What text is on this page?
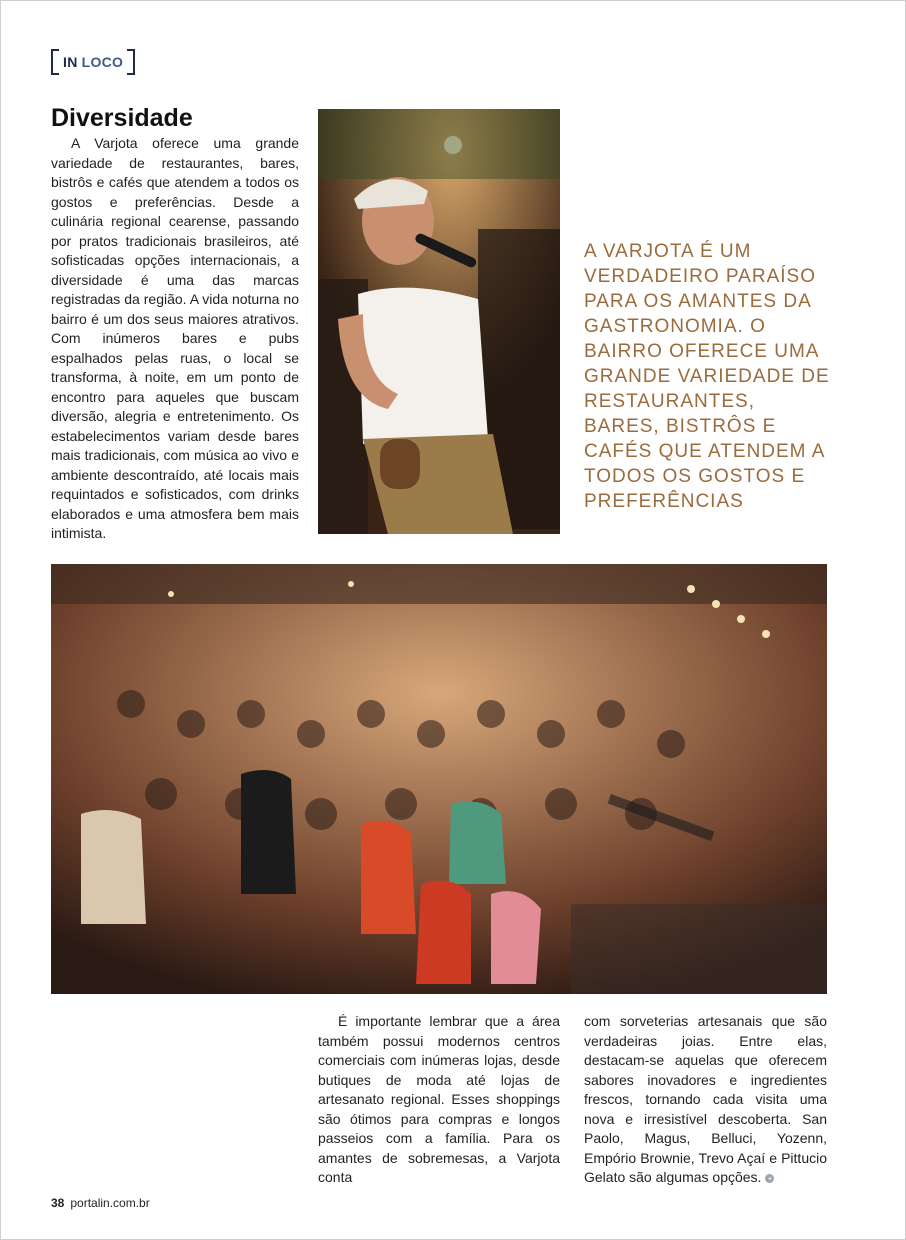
IN LOCO
Diversidade

A Varjota oferece uma grande variedade de restaurantes, bares, bistrôs e cafés que atendem a todos os gostos e preferências. Desde a culinária regional cearense, passando por pratos tradicionais brasileiros, até sofisticadas opções internacionais, a diversidade é uma das marcas registradas da região. A vida noturna no bairro é um dos seus maiores atrativos. Com inúmeros bares e pubs espalhados pelas ruas, o local se transforma, à noite, em um ponto de encontro para aqueles que buscam diversão, alegria e entretenimento. Os estabelecimentos variam desde bares mais tradicionais, com música ao vivo e ambiente descontraído, até locais mais requintados e sofisticados, com drinks elaborados e uma atmosfera bem mais intimista.

A VARJOTA É UM VERDADEIRO PARAÍSO PARA OS AMANTES DA GASTRONOMIA. O BAIRRO OFERECE UMA GRANDE VARIEDADE DE RESTAURANTES, BARES, BISTRÔS E CAFÉS QUE ATENDEM A TODOS OS GOSTOS E PREFERÊNCIAS

É importante lembrar que a área também possui modernos centros comerciais com inúmeras lojas, desde butiques de moda até lojas de artesanato regional. Esses shoppings são ótimos para compras e longos passeios com a família. Para os amantes de sobremesas, a Varjota conta

com sorveterias artesanais que são verdadeiras joias. Entre elas, destacam-se aquelas que oferecem sabores inovadores e ingredientes frescos, tornando cada visita uma nova e irresistível descoberta. San Paolo, Magus, Belluci, Yozenn, Empório Brownie, Trevo Açaí e Pittucio Gelato são algumas opções. +

38 portalin.com.br
